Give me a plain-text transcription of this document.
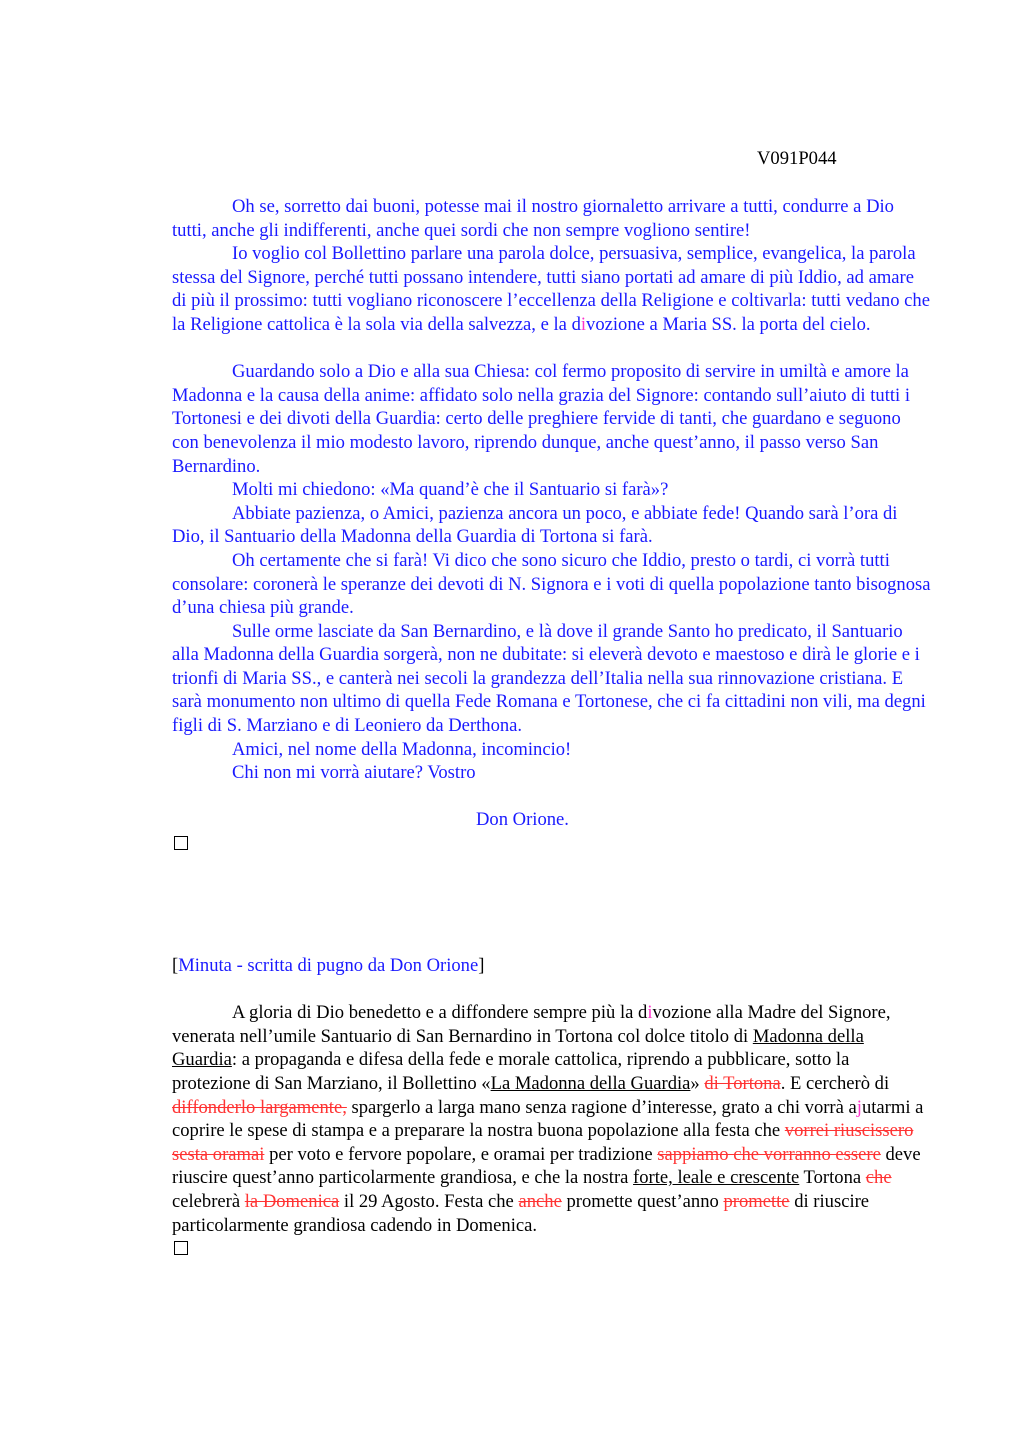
V091P044

Oh se, sorretto dai buoni, potesse mai il nostro giornaletto arrivare a tutti, condurre a Dio tutti, anche gli indifferenti, anche quei sordi che non sempre vogliono sentire!

Io voglio col Bollettino parlare una parola dolce, persuasiva, semplice, evangelica, la parola stessa del Signore, perché tutti possano intendere, tutti siano portati ad amare di più Iddio, ad amare di più il prossimo: tutti vogliano riconoscere l’eccellenza della Religione e coltivarla: tutti vedano che la Religione cattolica è la sola via della salvezza, e la divozione a Maria SS. la porta del cielo.

Guardando solo a Dio e alla sua Chiesa: col fermo proposito di servire in umiltà e amore la Madonna e la causa della anime: affidato solo nella grazia del Signore: contando sull’aiuto di tutti i Tortonesi e dei divoti della Guardia: certo delle preghiere fervide di tanti, che guardano e seguono con benevolenza il mio modesto lavoro, riprendo dunque, anche quest’anno, il passo verso San Bernardino.

Molti mi chiedono: «Ma quand’è che il Santuario si farà»?

Abbiate pazienza, o Amici, pazienza ancora un poco, e abbiate fede! Quando sarà l’ora di Dio, il Santuario della Madonna della Guardia di Tortona si farà.

Oh certamente che si farà! Vi dico che sono sicuro che Iddio, presto o tardi, ci vorrà tutti consolare: coronerà le speranze dei devoti di N. Signora e i voti di quella popolazione tanto bisognosa d’una chiesa più grande.

Sulle orme lasciate da San Bernardino, e là dove il grande Santo ho predicato, il Santuario alla Madonna della Guardia sorgerà, non ne dubitate: si eleverà devoto e maestoso e dirà le glorie e i trionfi di Maria SS., e canterà nei secoli la grandezza dell’Italia nella sua rinnovazione cristiana. E sarà monumento non ultimo di quella Fede Romana e Tortonese, che ci fa cittadini non vili, ma degni figli di S. Marziano e di Leoniero da Derthona.

Amici, nel nome della Madonna, incomincio!

Chi non mi vorrà aiutare? Vostro

Don Orione.

[Minuta - scritta di pugno da Don Orione]

A gloria di Dio benedetto e a diffondere sempre più la divozione alla Madre del Signore, venerata nell’umile Santuario di San Bernardino in Tortona col dolce titolo di Madonna della Guardia: a propaganda e difesa della fede e morale cattolica, riprendo a pubblicare, sotto la protezione di San Marziano, il Bollettino «La Madonna della Guardia» di Tortona. E cercherò di diffonderlo largamente, spargerlo a larga mano senza ragione d’interesse, grato a chi vorrà ajutarmi a coprire le spese di stampa e a preparare la nostra buona popolazione alla festa che vorrei riuscissero sesta oramai per voto e fervore popolare, e oramai per tradizione sappiamo che vorranno essere deve riuscire quest’anno particolarmente grandiosa, e che la nostra forte, leale e crescente Tortona che celebrerà la Domenica il 29 Agosto. Festa che anche promette quest’anno promette di riuscire particolarmente grandiosa cadendo in Domenica.
